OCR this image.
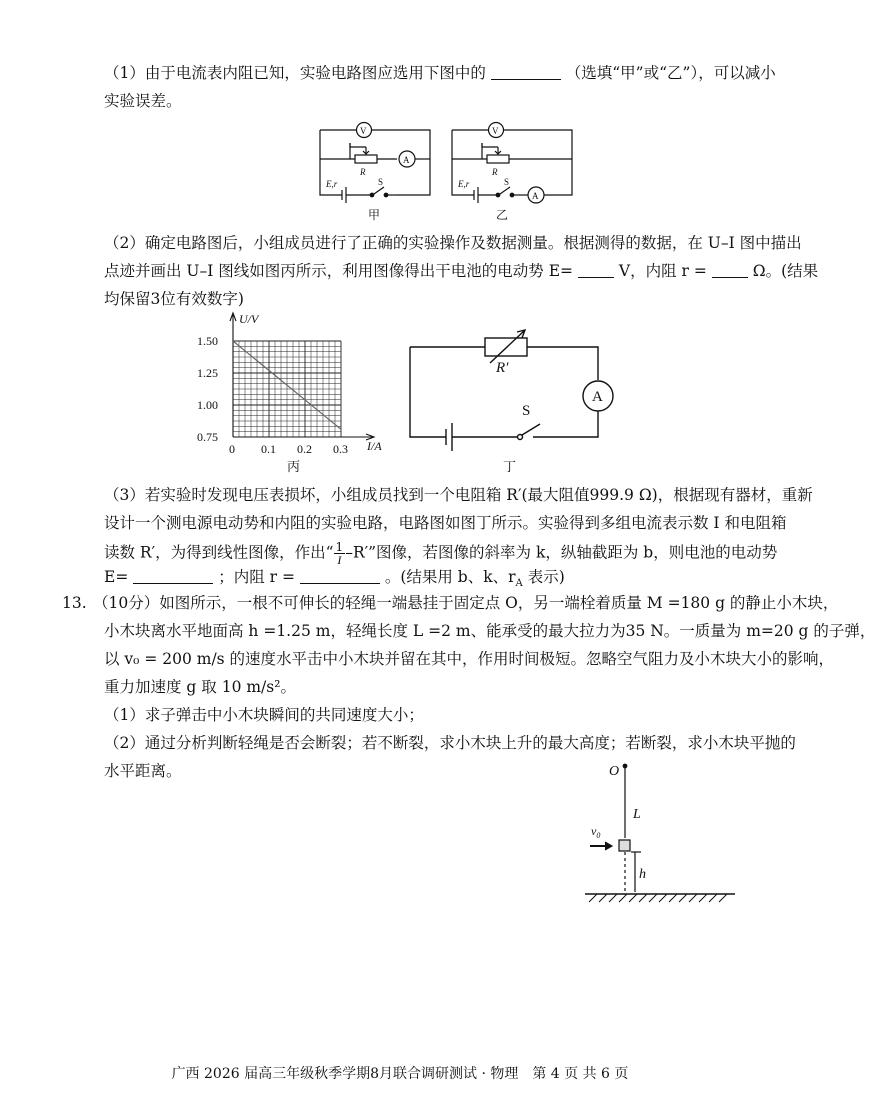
（1）由于电流表内阻已知，实验电路图应选用下图中的	（选填“甲”或“乙”），可以减小
实验误差。
V
A
R
E,r	S
甲
V
A
R
E,r	S
乙
（2）确定电路图后，小组成员进行了正确的实验操作及数据测量。根据测得的数据，在 U–I 图中描出
点迹并画出 U–I 图线如图丙所示，利用图像得出干电池的电动势 E=	V，内阻 r =	Ω。(结果
均保留3位有效数字)
1.50
1.25
1.00
0.75
0 0.1 0.2 0.3
U/V
I/A
丙
R′
A
S
丁
（3）若实验时发现电压表损坏，小组成员找到一个电阻箱 R′(最大阻值999.9 Ω)，根据现有器材，重新
设计一个测电源电动势和内阻的实验电路，电路图如图丁所示。实验得到多组电流表示数 I 和电阻箱
读数 R′，为得到线性图像，作出“ $\frac{1}{I} -R'$”图像，若图像的斜率为 k，纵轴截距为 b，则电池的电动势
E=	；内阻 r =	。(结果用 b、k、$r_A$ 表示)
13. （10分）如图所示，一根不可伸长的轻绳一端悬挂于固定点 O，另一端栓着质量 M =180 g 的静止小木块，
小木块离水平地面高 h =1.25 m，轻绳长度 L =2 m、能承受的最大拉力为35 N。一质量为 m=20 g 的子弹，
以 v₀ = 200 m/s 的速度水平击中小木块并留在其中，作用时间极短。忽略空气阻力及小木块大小的影响，
重力加速度 g 取 10 m/s²。
（1）求子弹击中小木块瞬间的共同速度大小；
（2）通过分析判断轻绳是否会断裂；若不断裂，求小木块上升的最大高度；若断裂，求小木块平抛的
水平距离。	O
L
$v_0$
h
广西 2026 届高三年级秋季学期8月联合调研测试 · 物理　第 4 页 共 6 页
